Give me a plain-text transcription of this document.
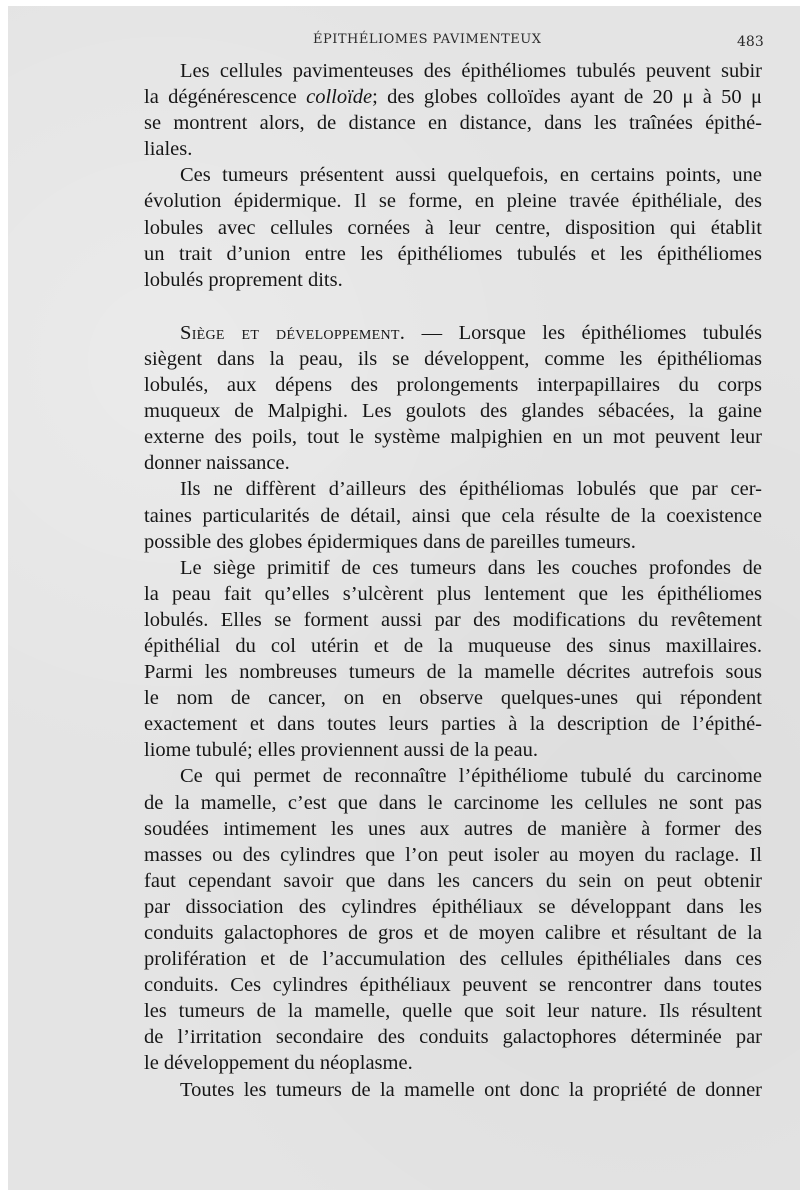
ÉPITHÉLIOMES PAVIMENTEUX	483
Les cellules pavimenteuses des épithéliomes tubulés peuvent subir
la dégénérescence colloïde; des globes colloïdes ayant de 20 μ à 50 μ
se montrent alors, de distance en distance, dans les traînées épithé-
liales.
Ces tumeurs présentent aussi quelquefois, en certains points, une
évolution épidermique. Il se forme, en pleine travée épithéliale, des
lobules avec cellules cornées à leur centre, disposition qui établit
un trait d’union entre les épithéliomes tubulés et les épithéliomes
lobulés proprement dits.
Siège et développement. — Lorsque les épithéliomes tubulés
siègent dans la peau, ils se développent, comme les épithéliomas
lobulés, aux dépens des prolongements interpapillaires du corps
muqueux de Malpighi. Les goulots des glandes sébacées, la gaine
externe des poils, tout le système malpighien en un mot peuvent leur
donner naissance.
Ils ne diffèrent d’ailleurs des épithéliomas lobulés que par cer-
taines particularités de détail, ainsi que cela résulte de la coexistence
possible des globes épidermiques dans de pareilles tumeurs.
Le siège primitif de ces tumeurs dans les couches profondes de
la peau fait qu’elles s’ulcèrent plus lentement que les épithéliomes
lobulés. Elles se forment aussi par des modifications du revêtement
épithélial du col utérin et de la muqueuse des sinus maxillaires.
Parmi les nombreuses tumeurs de la mamelle décrites autrefois sous
le nom de cancer, on en observe quelques-unes qui répondent
exactement et dans toutes leurs parties à la description de l’épithé-
liome tubulé; elles proviennent aussi de la peau.
Ce qui permet de reconnaître l’épithéliome tubulé du carcinome
de la mamelle, c’est que dans le carcinome les cellules ne sont pas
soudées intimement les unes aux autres de manière à former des
masses ou des cylindres que l’on peut isoler au moyen du raclage. Il
faut cependant savoir que dans les cancers du sein on peut obtenir
par dissociation des cylindres épithéliaux se développant dans les
conduits galactophores de gros et de moyen calibre et résultant de la
prolifération et de l’accumulation des cellules épithéliales dans ces
conduits. Ces cylindres épithéliaux peuvent se rencontrer dans toutes
les tumeurs de la mamelle, quelle que soit leur nature. Ils résultent
de l’irritation secondaire des conduits galactophores déterminée par
le développement du néoplasme.
Toutes les tumeurs de la mamelle ont donc la propriété de donner
